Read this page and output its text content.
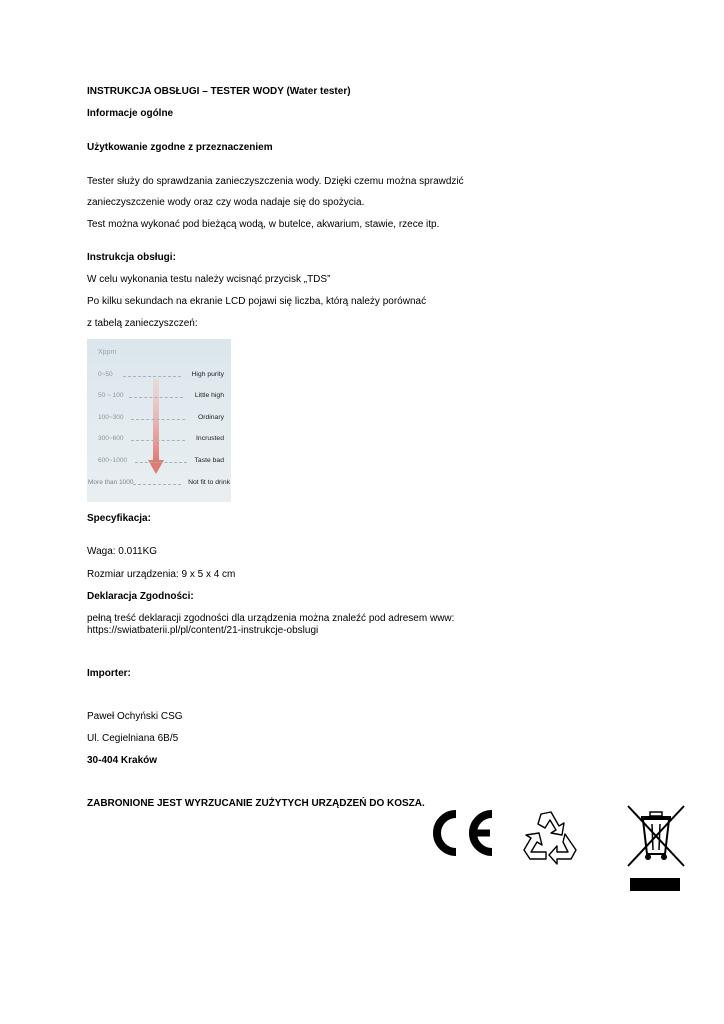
INSTRUKCJA OBSŁUGI – TESTER WODY (Water tester)
Informacje ogólne
Użytkowanie zgodne z przeznaczeniem
Tester służy do sprawdzania zanieczyszczenia wody. Dzięki czemu można sprawdzić
zanieczyszczenie wody oraz czy woda nadaje się do spożycia.
Test można wykonać pod bieżącą wodą, w butelce, akwarium, stawie, rzece itp.
Instrukcja obsługi:
W celu wykonania testu należy wcisnąć przycisk „TDS”
Po kilku sekundach na ekranie LCD pojawi się liczba, którą należy porównać
z tabelą zanieczyszczeń:
Xppm
0~50	High purity
50 ~ 100	Little high
100~300	Ordinary
300~600	Incrusted
600~1000	Taste bad
More than 1000	Not fit to drink
Specyfikacja:
Waga: 0.011KG
Rozmiar urządzenia: 9 x 5 x 4 cm
Deklaracja Zgodności:
pełną treść deklaracji zgodności dla urządzenia można znaleźć pod adresem www: https://swiatbaterii.pl/pl/content/21-instrukcje-obslugi
Importer:
Paweł Ochyński CSG
Ul. Cegielniana 6B/5
30-404 Kraków
ZABRONIONE JEST WYRZUCANIE ZUŻYTYCH URZĄDZEŃ DO KOSZA.
